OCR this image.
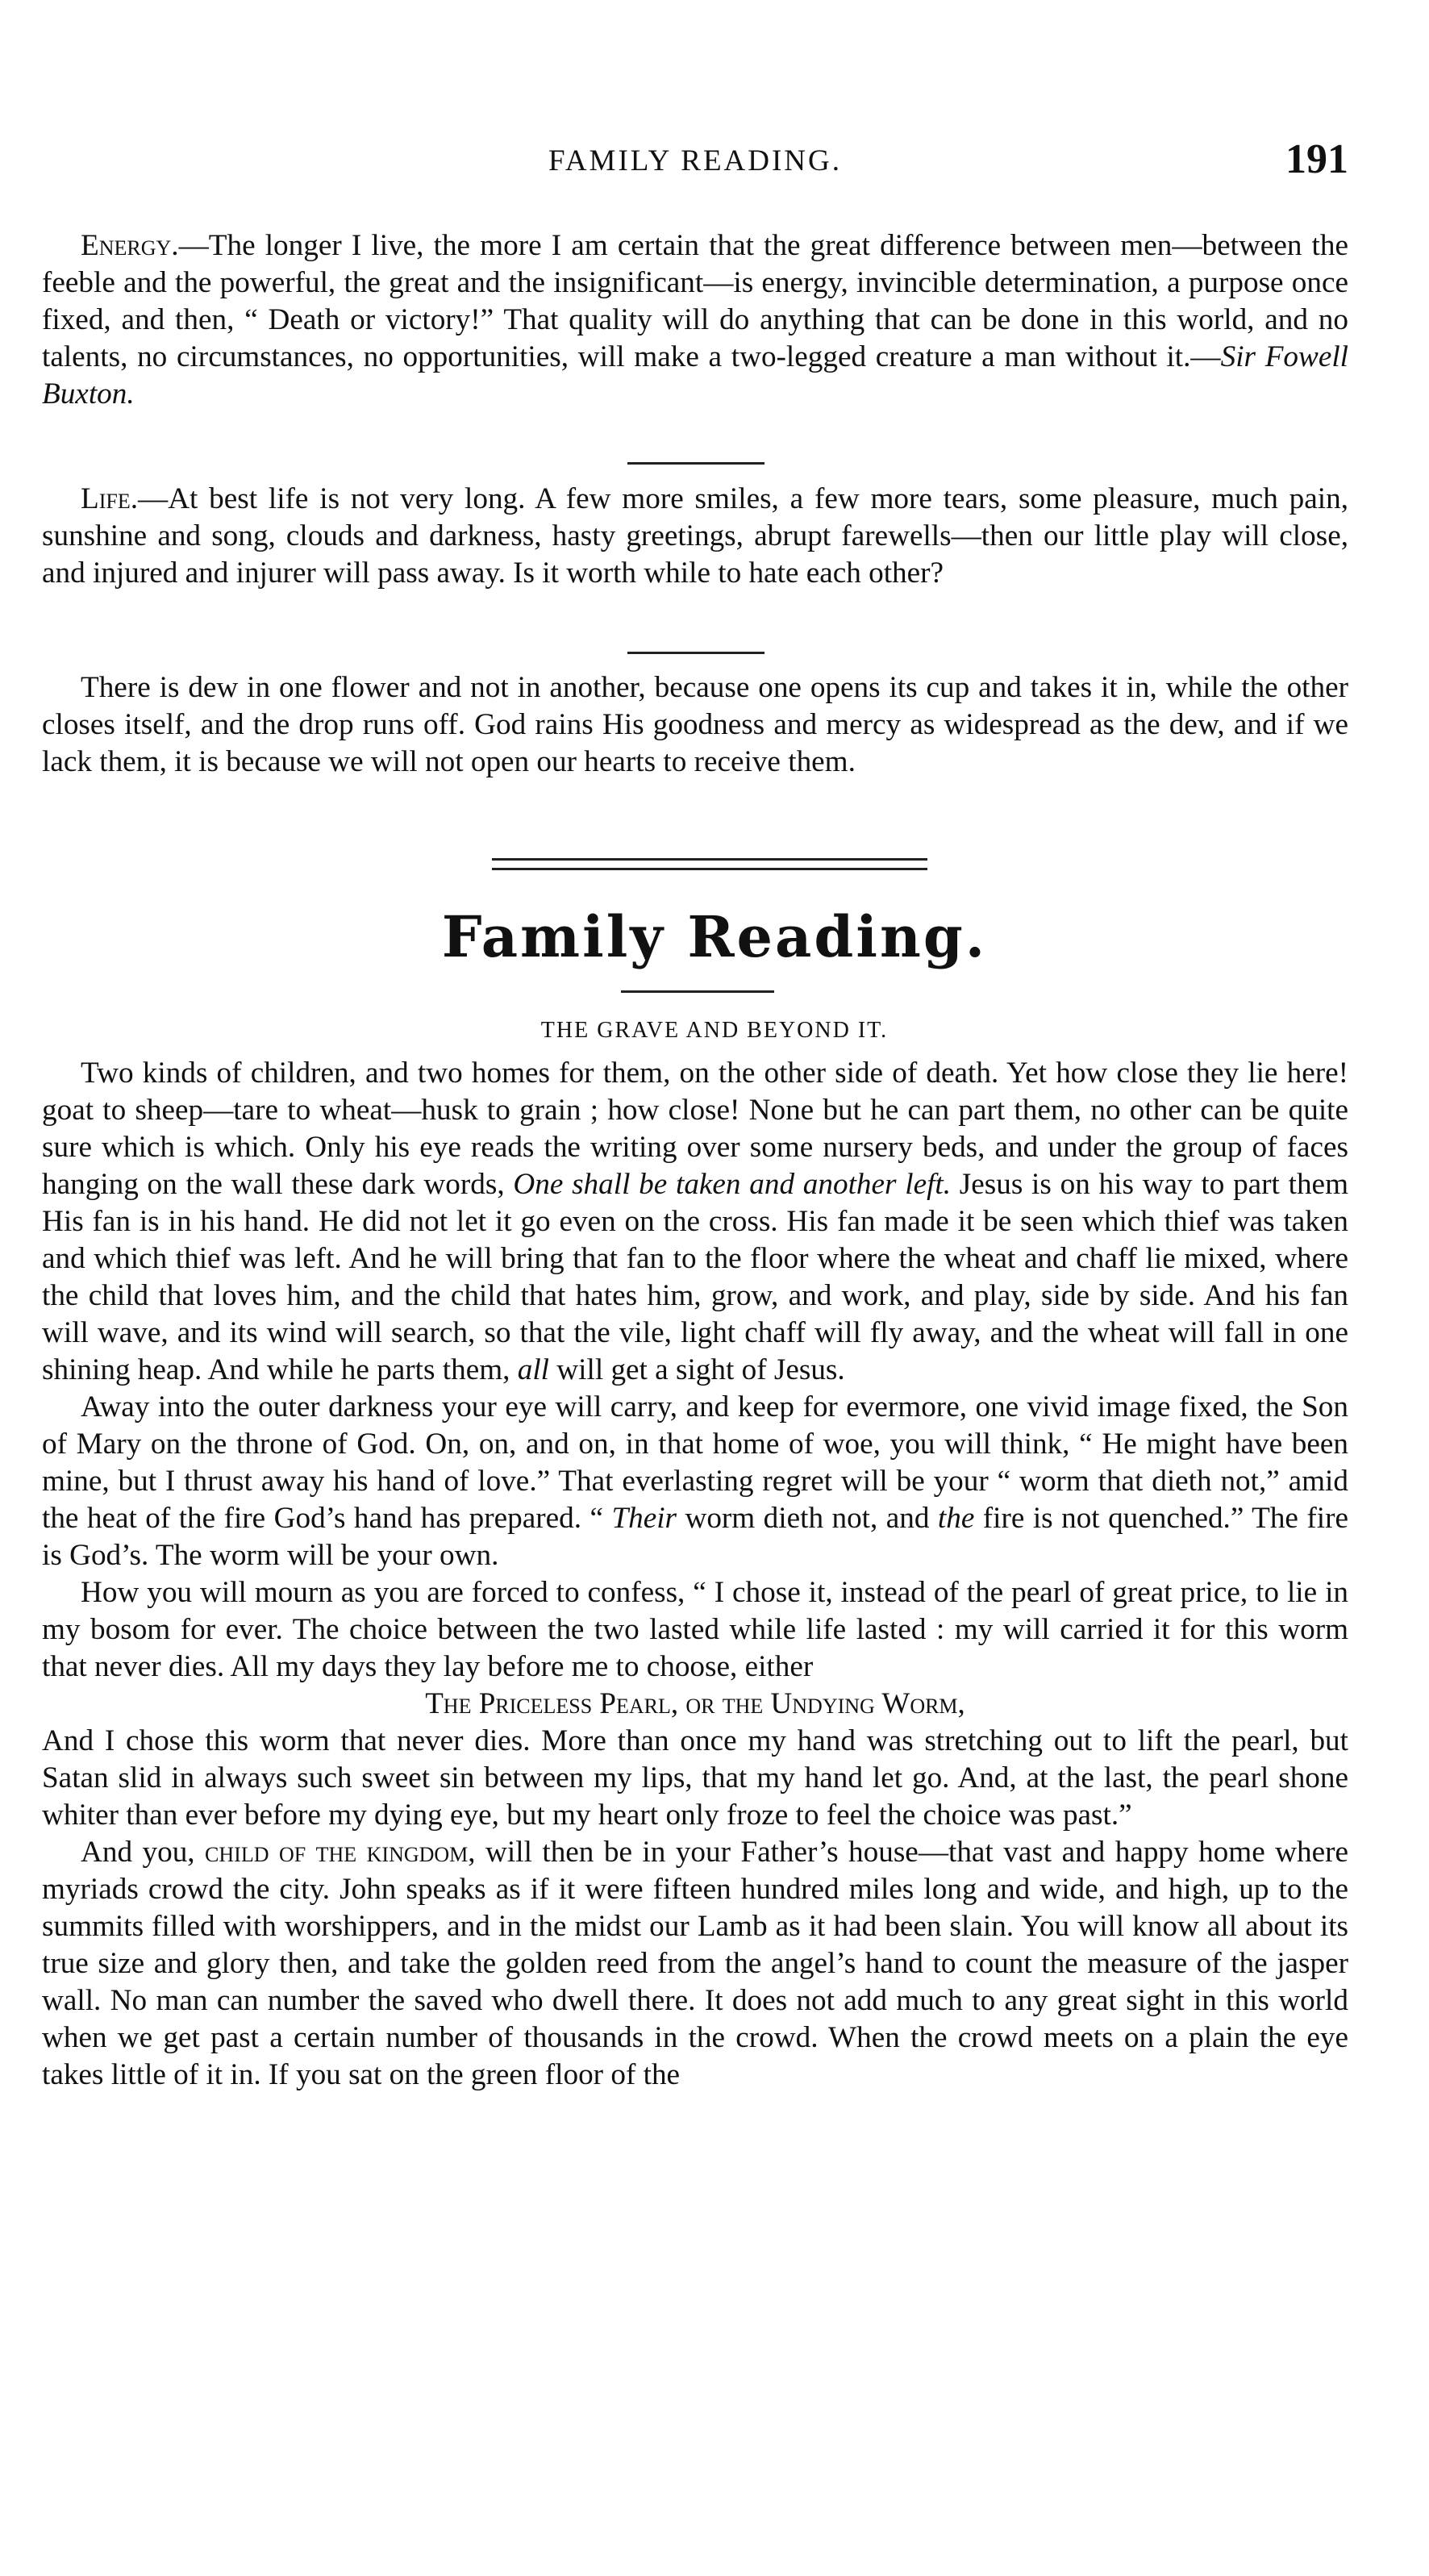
FAMILY READING.	191

Energy.—The longer I live, the more I am certain that the great difference between men—between the feeble and the powerful, the great and the insignificant—is energy, invincible determination, a purpose once fixed, and then, “ Death or victory!” That quality will do anything that can be done in this world, and no talents, no circumstances, no opportunities, will make a two-legged creature a man without it.—Sir Fowell Buxton.

Life.—At best life is not very long. A few more smiles, a few more tears, some pleasure, much pain, sunshine and song, clouds and darkness, hasty greetings, abrupt farewells—then our little play will close, and injured and injurer will pass away. Is it worth while to hate each other?

There is dew in one flower and not in another, because one opens its cup and takes it in, while the other closes itself, and the drop runs off. God rains His goodness and mercy as widespread as the dew, and if we lack them, it is because we will not open our hearts to receive them.

Family Reading.
THE GRAVE AND BEYOND IT.

Two kinds of children, and two homes for them, on the other side of death. Yet how close they lie here! goat to sheep—tare to wheat—husk to grain ; how close! None but he can part them, no other can be quite sure which is which. Only his eye reads the writing over some nursery beds, and under the group of faces hanging on the wall these dark words, One shall be taken and another left. Jesus is on his way to part them His fan is in his hand. He did not let it go even on the cross. His fan made it be seen which thief was taken and which thief was left. And he will bring that fan to the floor where the wheat and chaff lie mixed, where the child that loves him, and the child that hates him, grow, and work, and play, side by side. And his fan will wave, and its wind will search, so that the vile, light chaff will fly away, and the wheat will fall in one shining heap. And while he parts them, all will get a sight of Jesus.

Away into the outer darkness your eye will carry, and keep for evermore, one vivid image fixed, the Son of Mary on the throne of God. On, on, and on, in that home of woe, you will think, “ He might have been mine, but I thrust away his hand of love.” That everlasting regret will be your “ worm that dieth not,” amid the heat of the fire God’s hand has prepared. “ Their worm dieth not, and the fire is not quenched.” The fire is God’s. The worm will be your own.

How you will mourn as you are forced to confess, “ I chose it, instead of the pearl of great price, to lie in my bosom for ever. The choice between the two lasted while life lasted : my will carried it for this worm that never dies. All my days they lay before me to choose, either

The Priceless Pearl, or the Undying Worm,

And I chose this worm that never dies. More than once my hand was stretching out to lift the pearl, but Satan slid in always such sweet sin between my lips, that my hand let go. And, at the last, the pearl shone whiter than ever before my dying eye, but my heart only froze to feel the choice was past.”

And you, child of the kingdom, will then be in your Father’s house—that vast and happy home where myriads crowd the city. John speaks as if it were fifteen hundred miles long and wide, and high, up to the summits filled with worshippers, and in the midst our Lamb as it had been slain. You will know all about its true size and glory then, and take the golden reed from the angel’s hand to count the measure of the jasper wall. No man can number the saved who dwell there. It does not add much to any great sight in this world when we get past a certain number of thousands in the crowd. When the crowd meets on a plain the eye takes little of it in. If you sat on the green floor of the
